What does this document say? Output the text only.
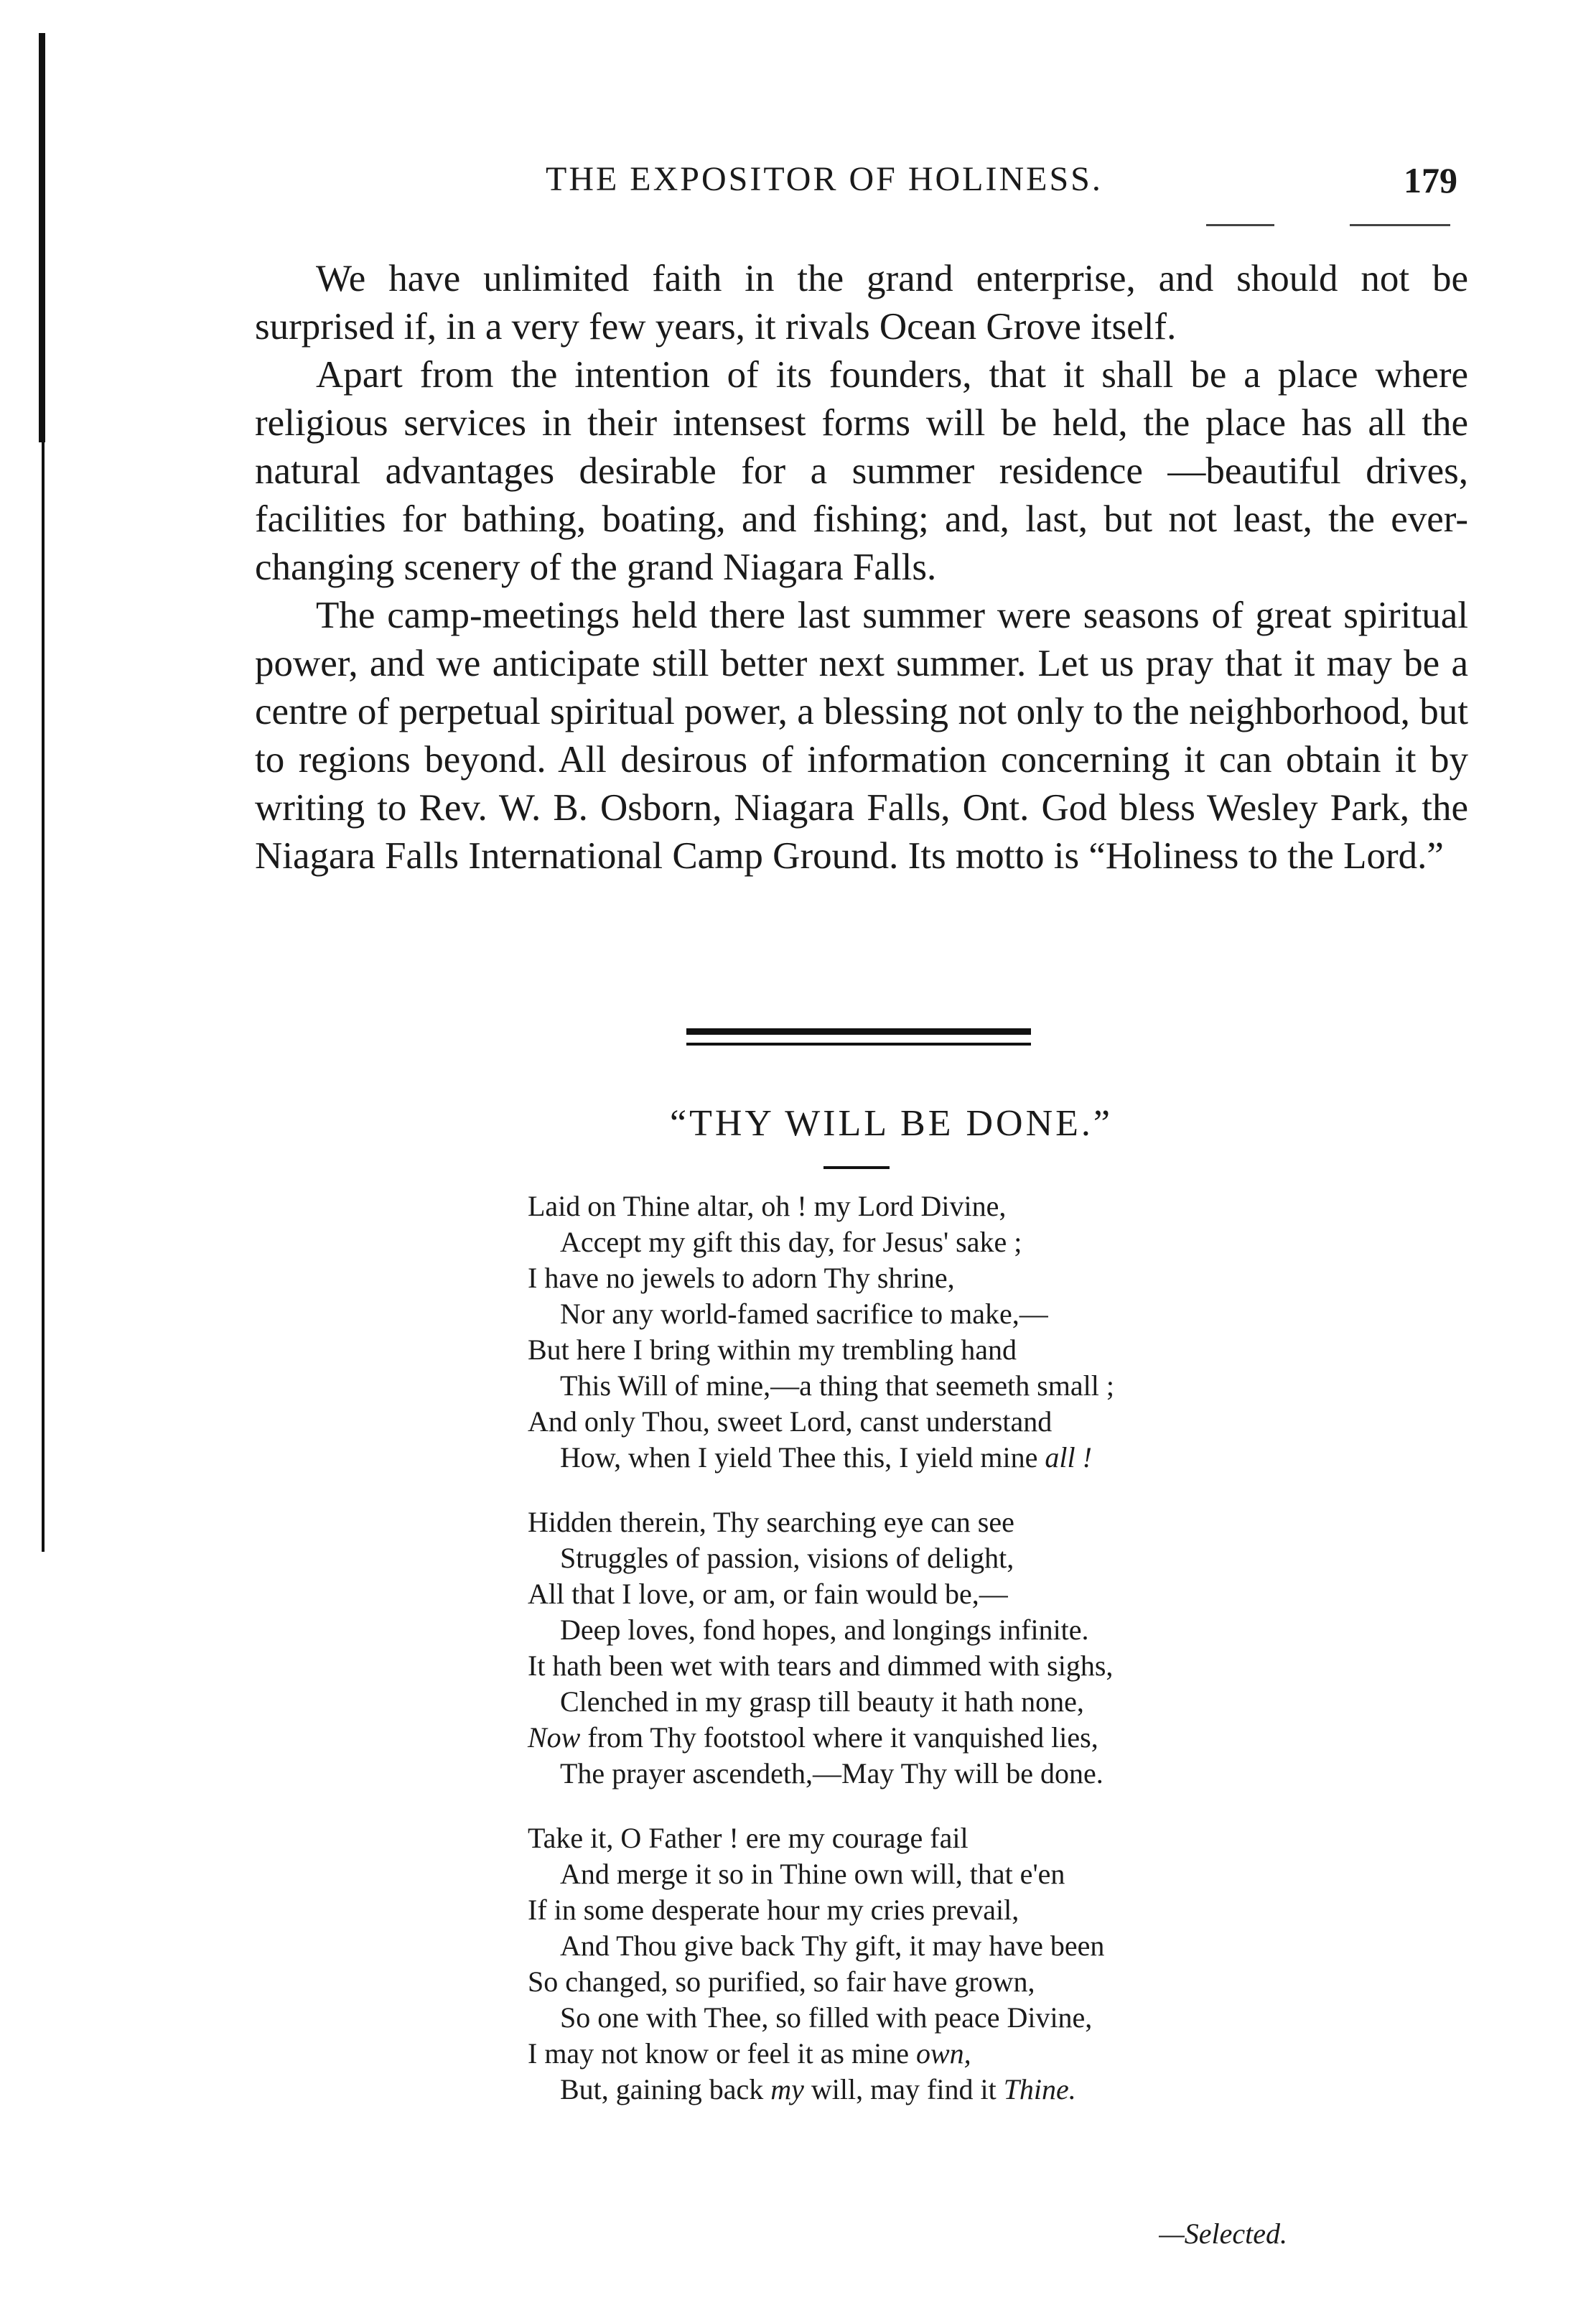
THE EXPOSITOR OF HOLINESS.	179

We have unlimited faith in the grand enterprise, and should not be surprised if, in a very few years, it rivals Ocean Grove itself.

Apart from the intention of its founders, that it shall be a place where religious services in their intensest forms will be held, the place has all the natural advantages desirable for a summer residence —beautiful drives, facilities for bathing, boating, and fishing; and, last, but not least, the ever-changing scenery of the grand Niagara Falls.

The camp-meetings held there last summer were seasons of great spiritual power, and we anticipate still better next summer. Let us pray that it may be a centre of perpetual spiritual power, a blessing not only to the neighborhood, but to regions beyond. All desirous of information concerning it can obtain it by writing to Rev. W. B. Osborn, Niagara Falls, Ont. God bless Wesley Park, the Niagara Falls International Camp Ground. Its motto is “Holiness to the Lord.”

“THY WILL BE DONE.”
Laid on Thine altar, oh ! my Lord Divine,
Accept my gift this day, for Jesus' sake ;
I have no jewels to adorn Thy shrine,
Nor any world-famed sacrifice to make,—
But here I bring within my trembling hand
This Will of mine,—a thing that seemeth small ;
And only Thou, sweet Lord, canst understand
How, when I yield Thee this, I yield mine all !
Hidden therein, Thy searching eye can see
Struggles of passion, visions of delight,
All that I love, or am, or fain would be,—
Deep loves, fond hopes, and longings infinite.
It hath been wet with tears and dimmed with sighs,
Clenched in my grasp till beauty it hath none,
Now from Thy footstool where it vanquished lies,
The prayer ascendeth,—May Thy will be done.
Take it, O Father ! ere my courage fail
And merge it so in Thine own will, that e'en
If in some desperate hour my cries prevail,
And Thou give back Thy gift, it may have been
So changed, so purified, so fair have grown,
So one with Thee, so filled with peace Divine,
I may not know or feel it as mine own,
But, gaining back my will, may find it Thine.
—Selected.
